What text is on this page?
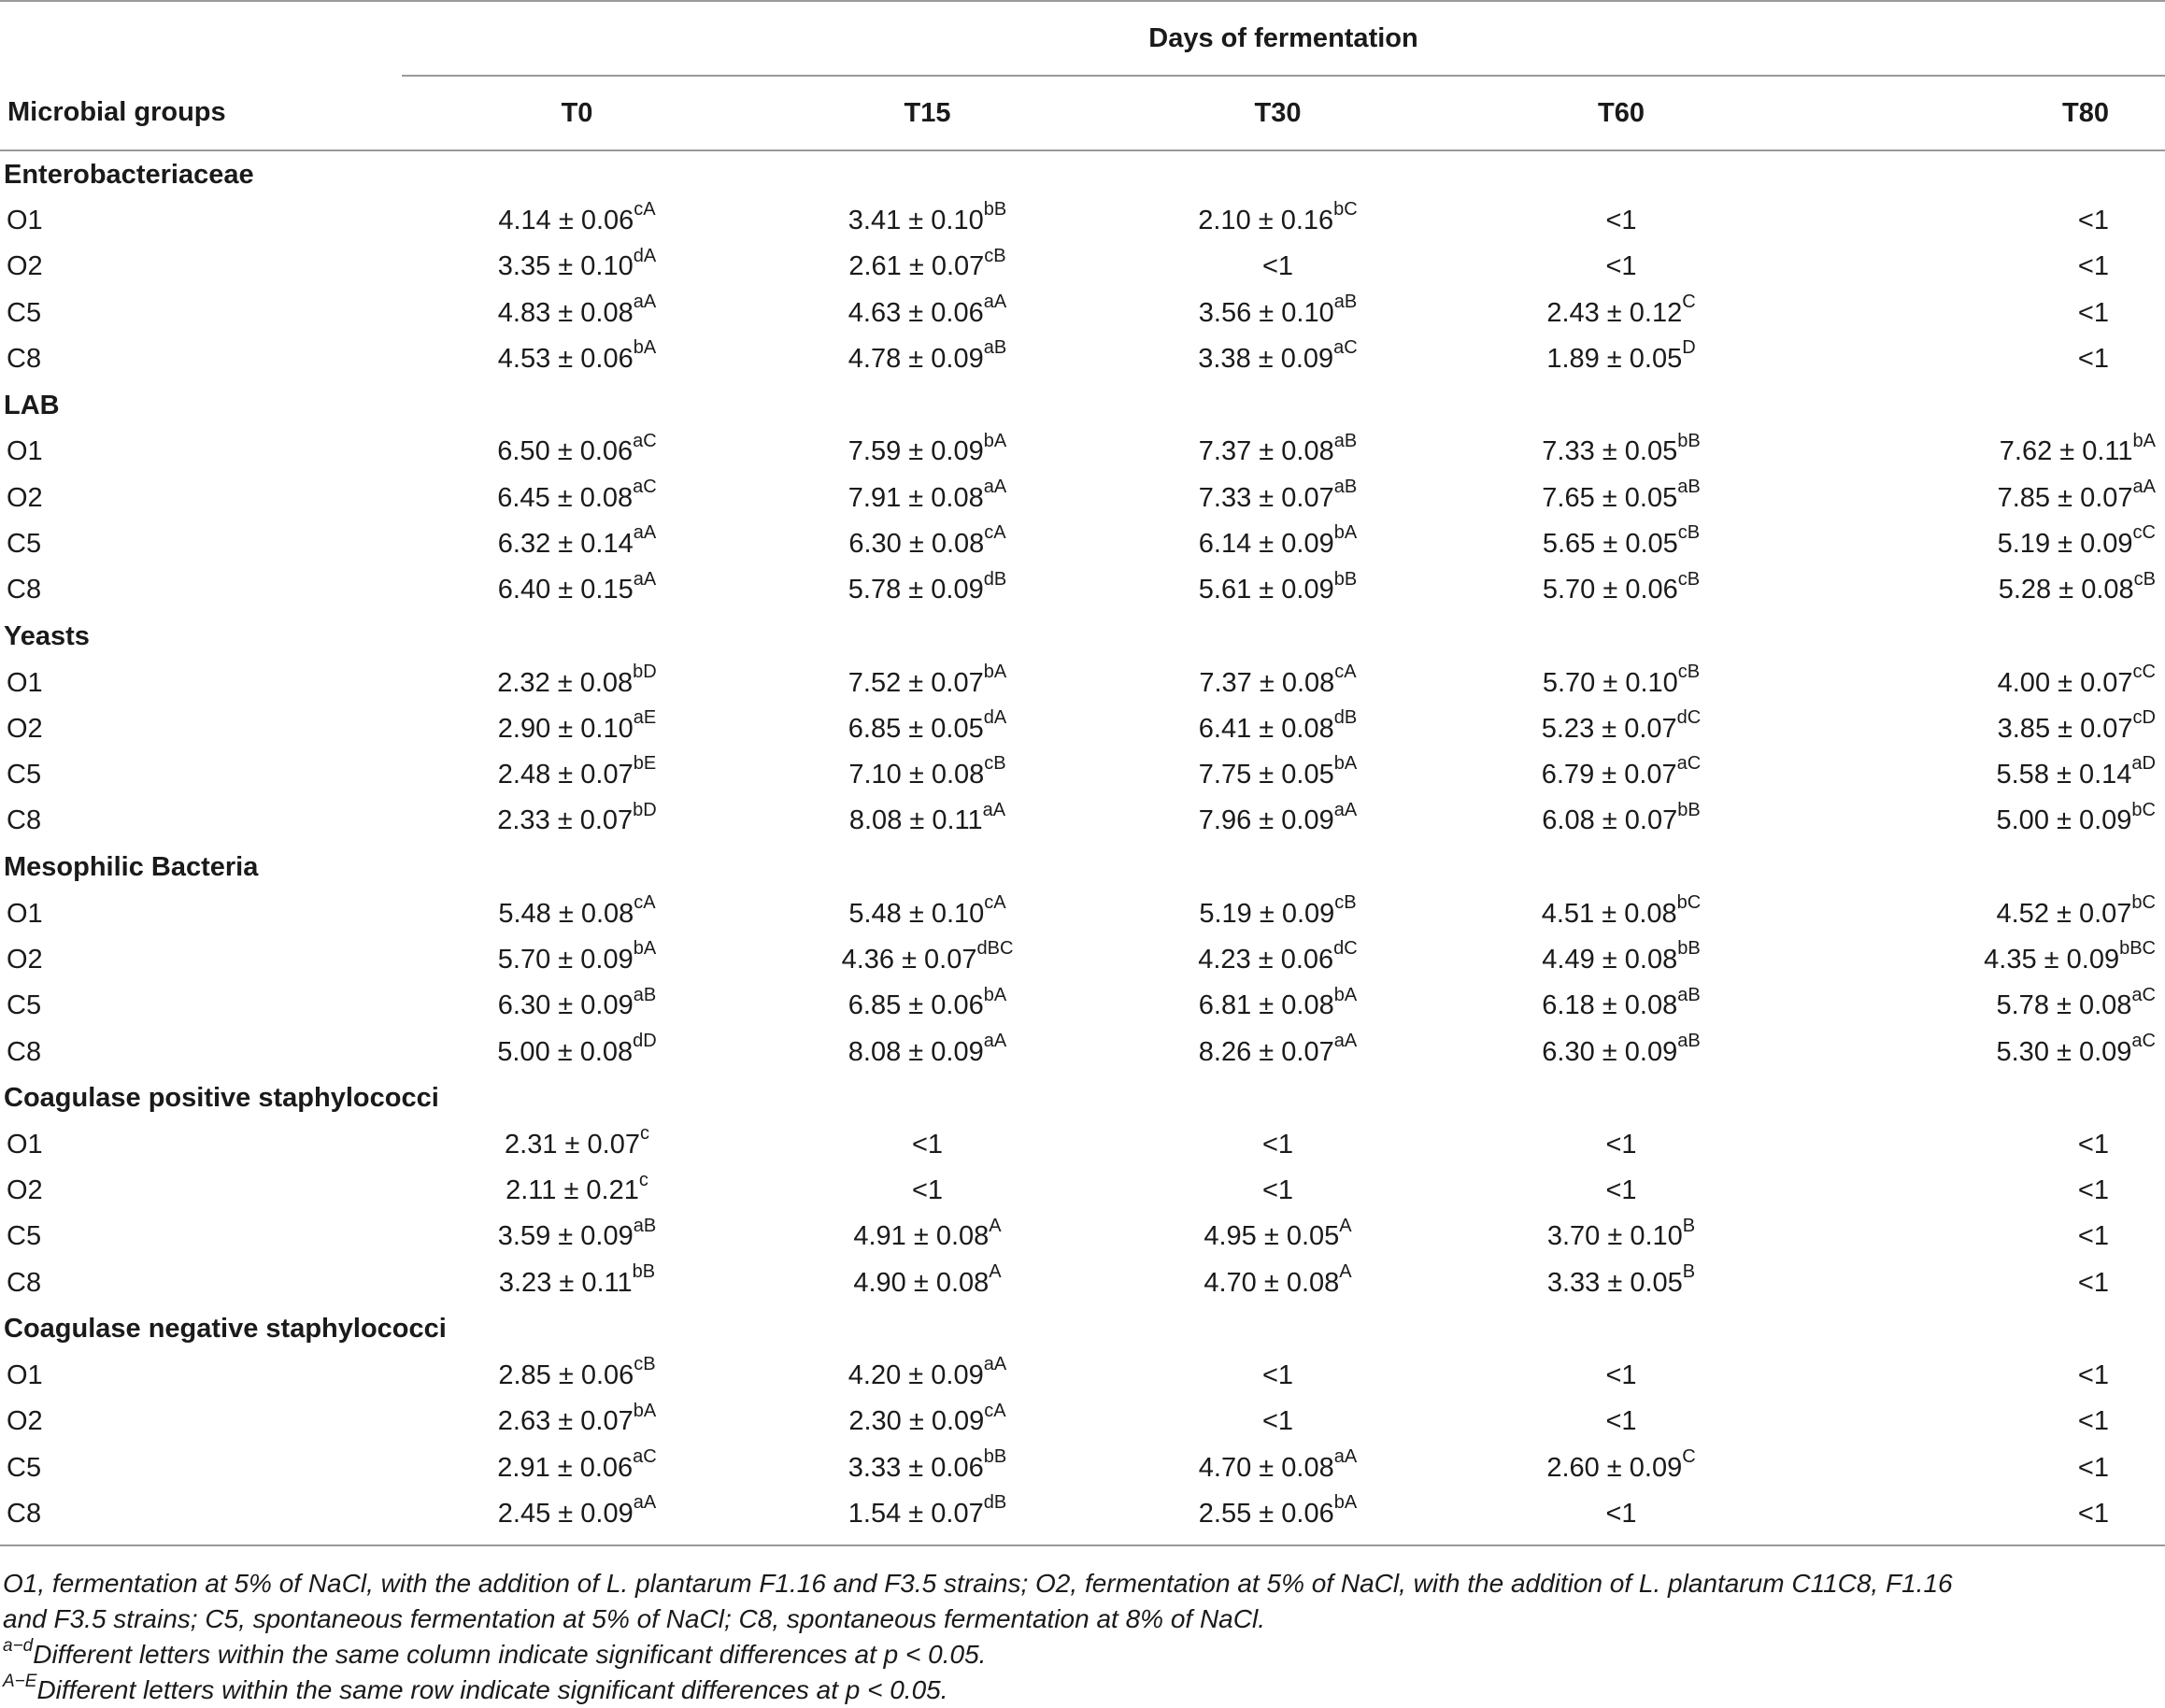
	Days of fermentation				
Microbial groups	T0	T15	T30	T60	T80
Enterobacteriaceae					
O1	$4.14 \pm 0.06^{cA}$	$3.41 \pm 0.10^{bB}$	$2.10 \pm 0.16^{bC}$	<1	<1
O2	$3.35 \pm 0.10^{dA}$	$2.61 \pm 0.07^{cB}$	<1	<1	<1
C5	$4.83 \pm 0.08^{aA}$	$4.63 \pm 0.06^{aA}$	$3.56 \pm 0.10^{aB}$	$2.43 \pm 0.12^C$	<1
C8	$4.53 \pm 0.06^{bA}$	$4.78 \pm 0.09^{aB}$	$3.38 \pm 0.09^{aC}$	$1.89 \pm 0.05^D$	<1
LAB					
O1	$6.50 \pm 0.06^{aC}$	$7.59 \pm 0.09^{bA}$	$7.37 \pm 0.08^{aB}$	$7.33 \pm 0.05^{bB}$	$7.62 \pm 0.11^{bA}$
O2	$6.45 \pm 0.08^{aC}$	$7.91 \pm 0.08^{aA}$	$7.33 \pm 0.07^{aB}$	$7.65 \pm 0.05^{aB}$	$7.85 \pm 0.07^{aA}$
C5	$6.32 \pm 0.14^{aA}$	$6.30 \pm 0.08^{cA}$	$6.14 \pm 0.09^{bA}$	$5.65 \pm 0.05^{cB}$	$5.19 \pm 0.09^{cC}$
C8	$6.40 \pm 0.15^{aA}$	$5.78 \pm 0.09^{dB}$	$5.61 \pm 0.09^{bB}$	$5.70 \pm 0.06^{cB}$	$5.28 \pm 0.08^{cB}$
Yeasts					
O1	$2.32 \pm 0.08^{bD}$	$7.52 \pm 0.07^{bA}$	$7.37 \pm 0.08^{cA}$	$5.70 \pm 0.10^{cB}$	$4.00 \pm 0.07^{cC}$
O2	$2.90 \pm 0.10^{aE}$	$6.85 \pm 0.05^{dA}$	$6.41 \pm 0.08^{dB}$	$5.23 \pm 0.07^{dC}$	$3.85 \pm 0.07^{cD}$
C5	$2.48 \pm 0.07^{bE}$	$7.10 \pm 0.08^{cB}$	$7.75 \pm 0.05^{bA}$	$6.79 \pm 0.07^{aC}$	$5.58 \pm 0.14^{aD}$
C8	$2.33 \pm 0.07^{bD}$	$8.08 \pm 0.11^{aA}$	$7.96 \pm 0.09^{aA}$	$6.08 \pm 0.07^{bB}$	$5.00 \pm 0.09^{bC}$
Mesophilic Bacteria					
O1	$5.48 \pm 0.08^{cA}$	$5.48 \pm 0.10^{cA}$	$5.19 \pm 0.09^{cB}$	$4.51 \pm 0.08^{bC}$	$4.52 \pm 0.07^{bC}$
O2	$5.70 \pm 0.09^{bA}$	$4.36 \pm 0.07^{dBC}$	$4.23 \pm 0.06^{dC}$	$4.49 \pm 0.08^{bB}$	$4.35 \pm 0.09^{bBC}$
C5	$6.30 \pm 0.09^{aB}$	$6.85 \pm 0.06^{bA}$	$6.81 \pm 0.08^{bA}$	$6.18 \pm 0.08^{aB}$	$5.78 \pm 0.08^{aC}$
C8	$5.00 \pm 0.08^{dD}$	$8.08 \pm 0.09^{aA}$	$8.26 \pm 0.07^{aA}$	$6.30 \pm 0.09^{aB}$	$5.30 \pm 0.09^{aC}$
Coagulase positive staphylococci					
O1	2.31 ± 0.07$^c$	<1	<1	<1	<1
O2	2.11 ± 0.21$^c$	<1	<1	<1	<1
C5	$3.59 \pm 0.09^{aB}$	$4.91 \pm 0.08^A$	$4.95 \pm 0.05^A$	$3.70 \pm 0.10^B$	<1
C8	$3.23 \pm 0.11^{bB}$	$4.90 \pm 0.08^A$	$4.70 \pm 0.08^A$	$3.33 \pm 0.05^B$	<1
Coagulase negative staphylococci					
O1	$2.85 \pm 0.06^{cB}$	$4.20 \pm 0.09^{aA}$	<1	<1	<1
O2	$2.63 \pm 0.07^{bA}$	$2.30 \pm 0.09^{cA}$	<1	<1	<1
C5	$2.91 \pm 0.06^{aC}$	$3.33 \pm 0.06^{bB}$	$4.70 \pm 0.08^{aA}$	$2.60 \pm 0.09^C$	<1
C8	$2.45 \pm 0.09^{aA}$	$1.54 \pm 0.07^{dB}$	$2.55 \pm 0.06^{bA}$	<1	<1

O1, fermentation at 5% of NaCl, with the addition of L. plantarum F1.16 and F3.5 strains; O2, fermentation at 5% of NaCl, with the addition of L. plantarum C11C8, F1.16 and F3.5 strains; C5, spontaneous fermentation at 5% of NaCl; C8, spontaneous fermentation at 8% of NaCl.

$^{a-d}$Different letters within the same column indicate significant differences at p < 0.05.

$^{A-E}$Different letters within the same row indicate significant differences at p < 0.05.
